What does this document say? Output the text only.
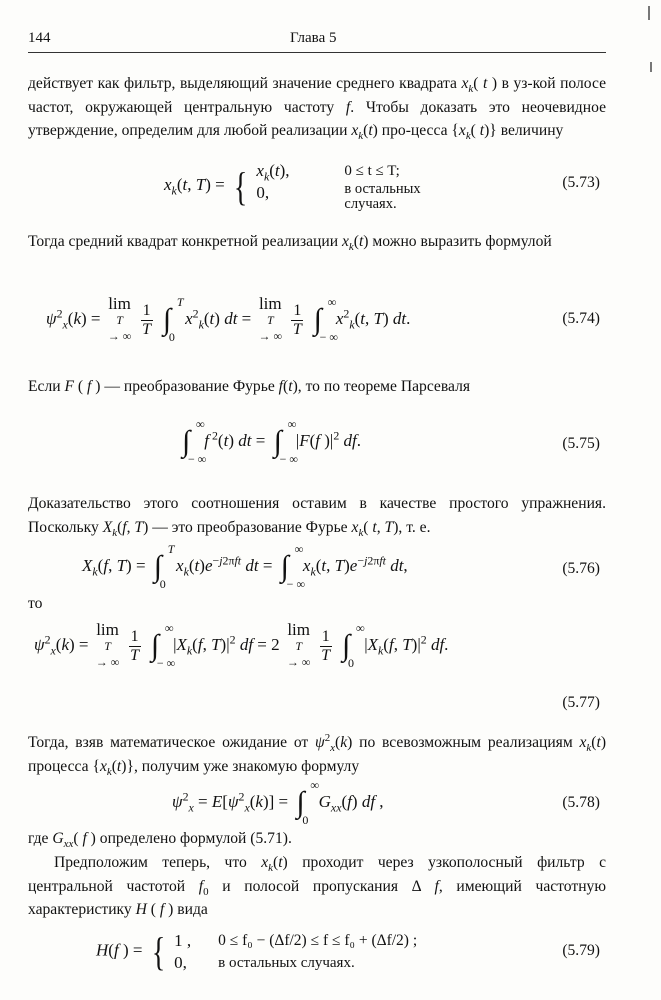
144	Глава 5
действует как фильтр, выделяющий значение среднего квадрата $x_k$( t ) в уз-кой полосе частот, окружающей центральную частоту f. Чтобы доказать это неочевидное утверждение, определим для любой реализации $x_k(t)$ про-цесса {$x_k$( t)} величину
$x_k(t$, T) = { $x_k(t)$,	0 ≤ t ≤ T;
0,	в остальных
случаях.
(5.73)
Тогда средний квадрат конкретной реализации $x_k(t)$ можно выразить формулой
$\psi^2_x(k)$ =
lim
T
→ ∞
$\frac{1}{T}$ ∫
T
0
$x^2_k(t)$ dt =
lim
T
→ ∞
$\frac{1}{T}$ ∫
∞
− ∞
$x^2_k(t$, T) dt.	(5.74)
Если F ( f ) — преобразование Фурье f(t), то по теореме Парсеваля
∫
∞
− ∞
f $^2$(t) dt = ∫
∞
− ∞
|F(f )$|^2$ df.	(5.75)
Доказательство этого соотношения оставим в качестве простого упражнения. Поскольку $X_k(f$, T) — это преобразование Фурье $x_k$( t, T), т. е.
$X_k(f$, T) = ∫
T
0
$x_k(t)e^{-j2\pi ft}$ dt = ∫
∞
− ∞
$x_k(t$, $T)e^{-j2\pi ft}$ dt,	(5.76)
то
$\psi^2_x(k)$ =
lim
T
→ ∞
$\frac{1}{T}$ ∫
∞
− ∞
$|X_k(f$, $T)|^2$ df = 2
lim
T
→ ∞
$\frac{1}{T}$ ∫
∞
0
$|X_k(f$, $T)|^2$ df.
(5.77)
Тогда, взяв математическое ожидание от $\psi^2_x(k)$ по всевозможным реализациям $x_k(t)$ процесса $\{x_k(t)\}$, получим уже знакомую формулу
$\psi^2_x = E[\psi^2_x(k)]$ = ∫
∞
0
$G_{xx}(f)$ df ,	(5.78)
где $G_{xx}$( f ) определено формулой (5.71).
Предположим теперь, что $x_k(t)$ проходит через узкополосный фильтр с центральной частотой $f_0$ и полосой пропускания Δ f, имеющий частотную характеристику H ( f ) вида
H(f ) = { 1 ,	0 ≤ f₀ − (Δf/2) ≤ f ≤ f₀ + (Δf/2) ;
0,	в остальных случаях.
(5.79)
